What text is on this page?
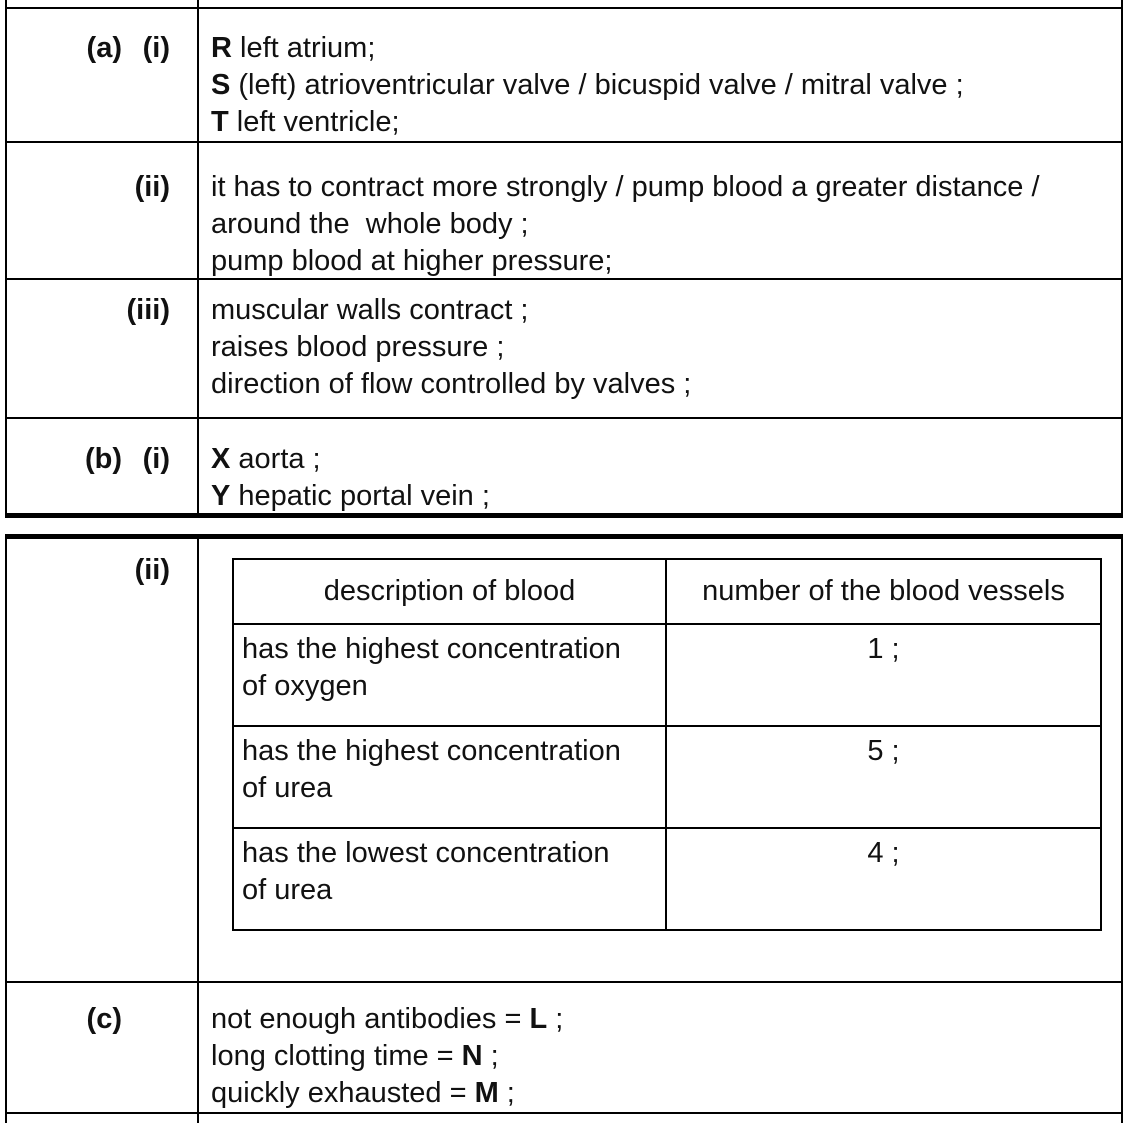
(a) (i)	R left atrium;
S (left) atrioventricular valve / bicuspid valve / mitral valve ;
T left ventricle;
(ii)	it has to contract more strongly / pump blood a greater distance /
around the  whole body ;
pump blood at higher pressure;
(iii)	muscular walls contract ;
raises blood pressure ;
direction of flow controlled by valves ;
(b) (i)	X aorta ;
Y hepatic portal vein ;
(ii)
description of blood	number of the blood vessels

has the highest concentration
of oxygen	1 ;

has the highest concentration
of urea	5 ;

has the lowest concentration
of urea	4 ;
(c)	not enough antibodies = L ;
long clotting time = N ;
quickly exhausted = M ;
